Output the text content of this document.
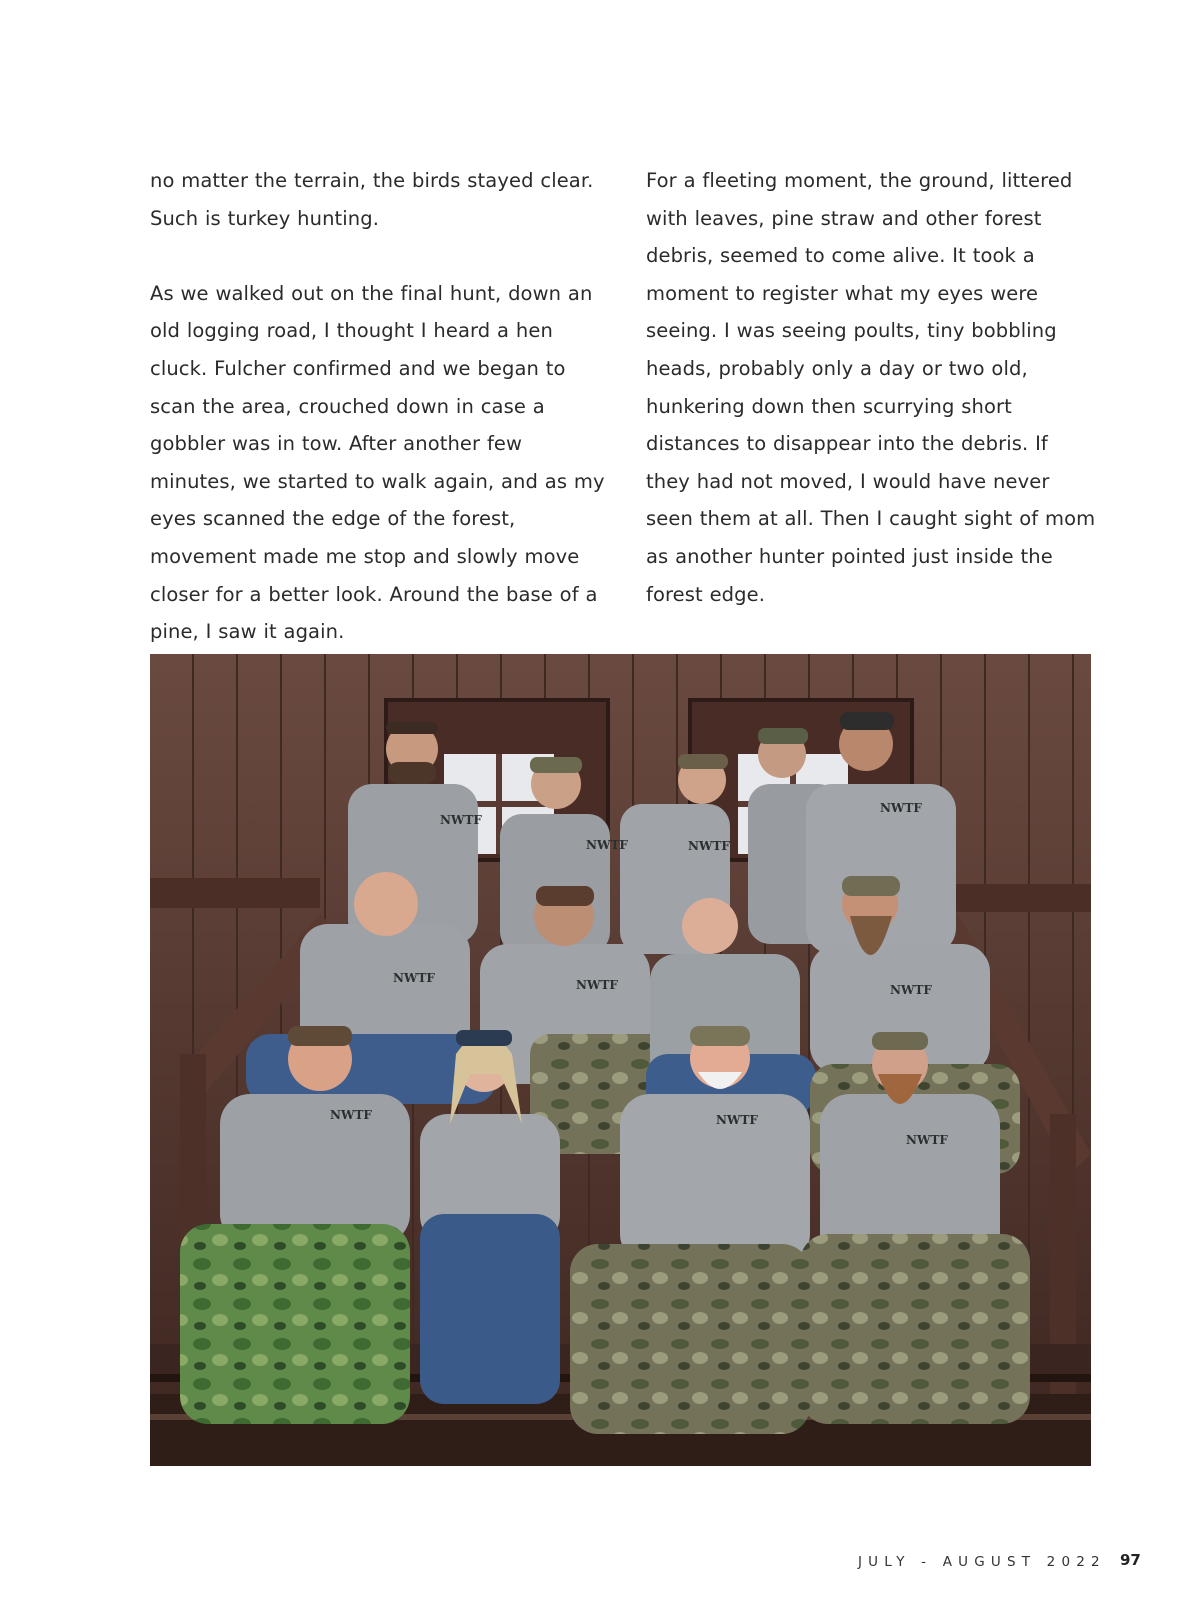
no matter the terrain, the birds stayed clear. Such is turkey hunting.

As we walked out on the final hunt, down an old logging road, I thought I heard a hen cluck. Fulcher confirmed and we began to scan the area, crouched down in case a gobbler was in tow. After another few minutes, we started to walk again, and as my eyes scanned the edge of the forest, movement made me stop and slowly move closer for a better look. Around the base of a pine, I saw it again.

For a fleeting moment, the ground, littered with leaves, pine straw and other forest debris, seemed to come alive. It took a moment to register what my eyes were seeing. I was seeing poults, tiny bobbling heads, probably only a day or two old, hunkering down then scurrying short distances to disappear into the debris. If they had not moved, I would have never seen them at all. Then I caught sight of mom as another hunter pointed just inside the forest edge.

NWTF
NWTF	NWTF
NWTF
NWTF	NWTF	NWTF
NWTF	NWTF
NWTF
JULY - AUGUST 2022 97
